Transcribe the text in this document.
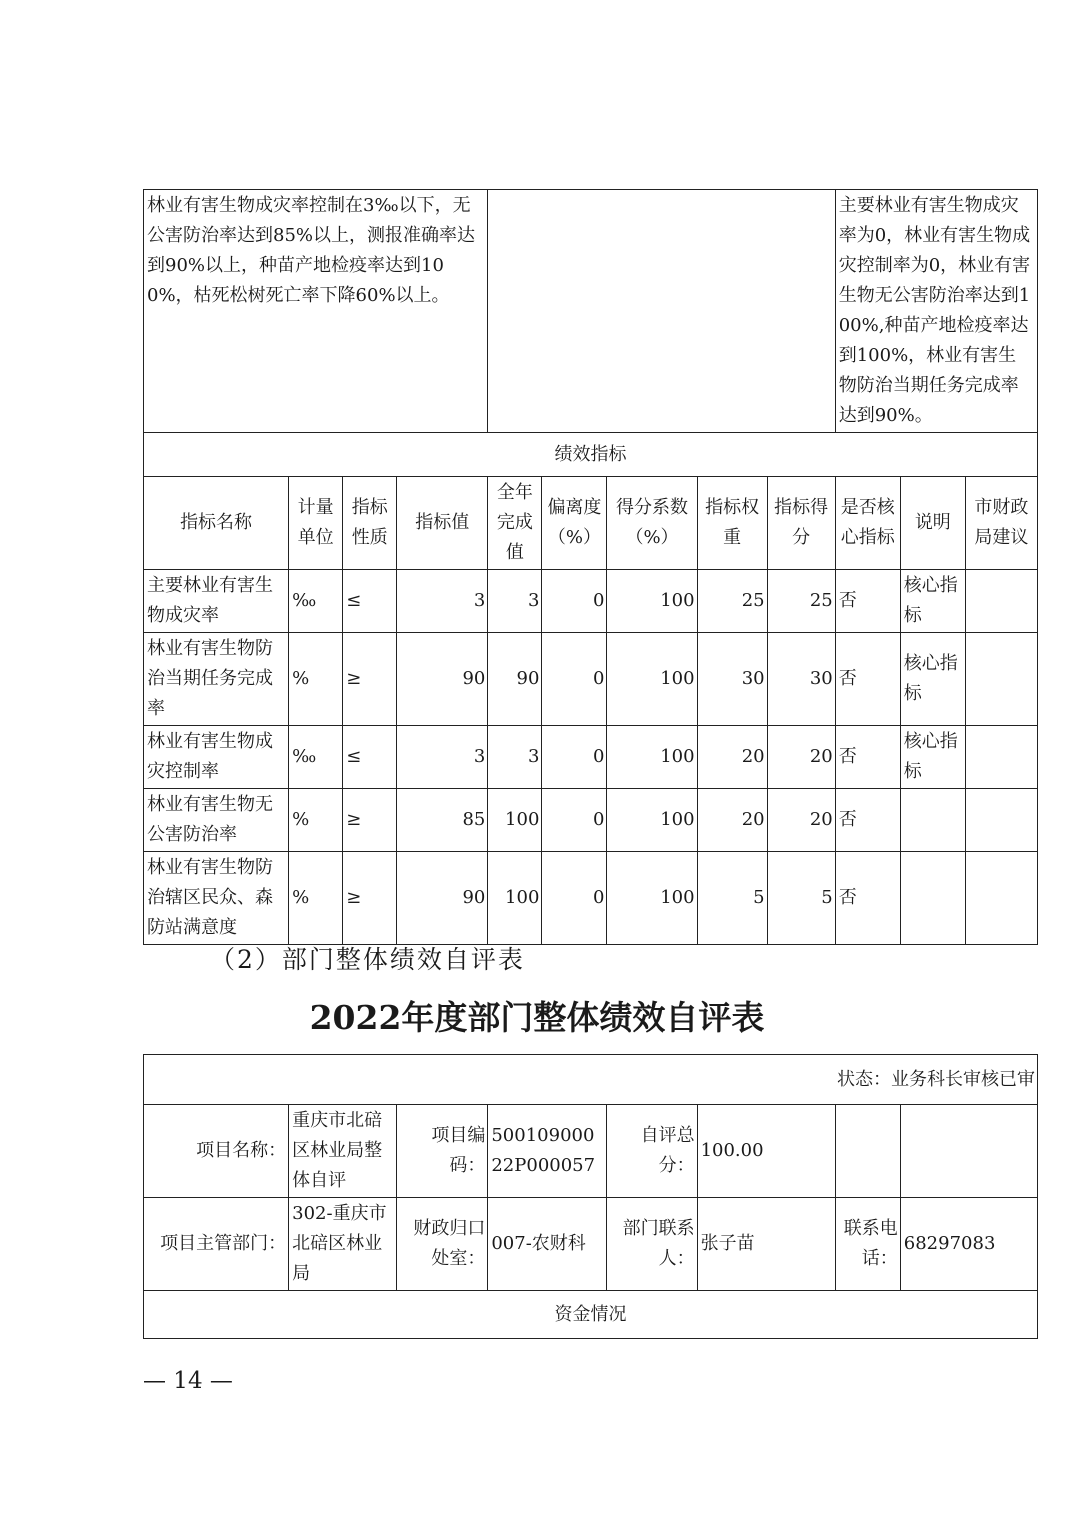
林业有害生物成灾率控制在3‰以下，无公害防治率达到85%以上，测报准确率达到90%以上，种苗产地检疫率达到100%，枯死松树死亡率下降60%以上。									主要林业有害生物成灾率为0，林业有害生物成灾控制率为0，林业有害生物无公害防治率达到100%,种苗产地检疫率达到100%，林业有害生物防治当期任务完成率达到90%。		
绩效指标											
指标名称	计量单位	指标性质	指标值	全年完成值	偏离度（%）	得分系数（%）	指标权重	指标得分	是否核心指标	说明	市财政局建议
主要林业有害生物成灾率	‰	≤	3	3	0	100	25	25	否	核心指标	
林业有害生物防治当期任务完成率	%	≥	90	90	0	100	30	30	否	核心指标	
林业有害生物成灾控制率	‰	≤	3	3	0	100	20	20	否	核心指标	
林业有害生物无公害防治率	%	≥	85	100	0	100	20	20	否		
林业有害生物防治辖区民众、森防站满意度	%	≥	90	100	0	100	5	5	否		
（2）部门整体绩效自评表
2022年度部门整体绩效自评表
状态：业务科长审核已审							
项目名称：	重庆市北碚区林业局整体自评	项目编码：	50010900022P000057	自评总分：	100.00		
项目主管部门：	302-重庆市北碚区林业局	财政归口处室：	007-农财科	部门联系人：	张子苗	联系电话：	68297083
资金情况							
— 14 —
